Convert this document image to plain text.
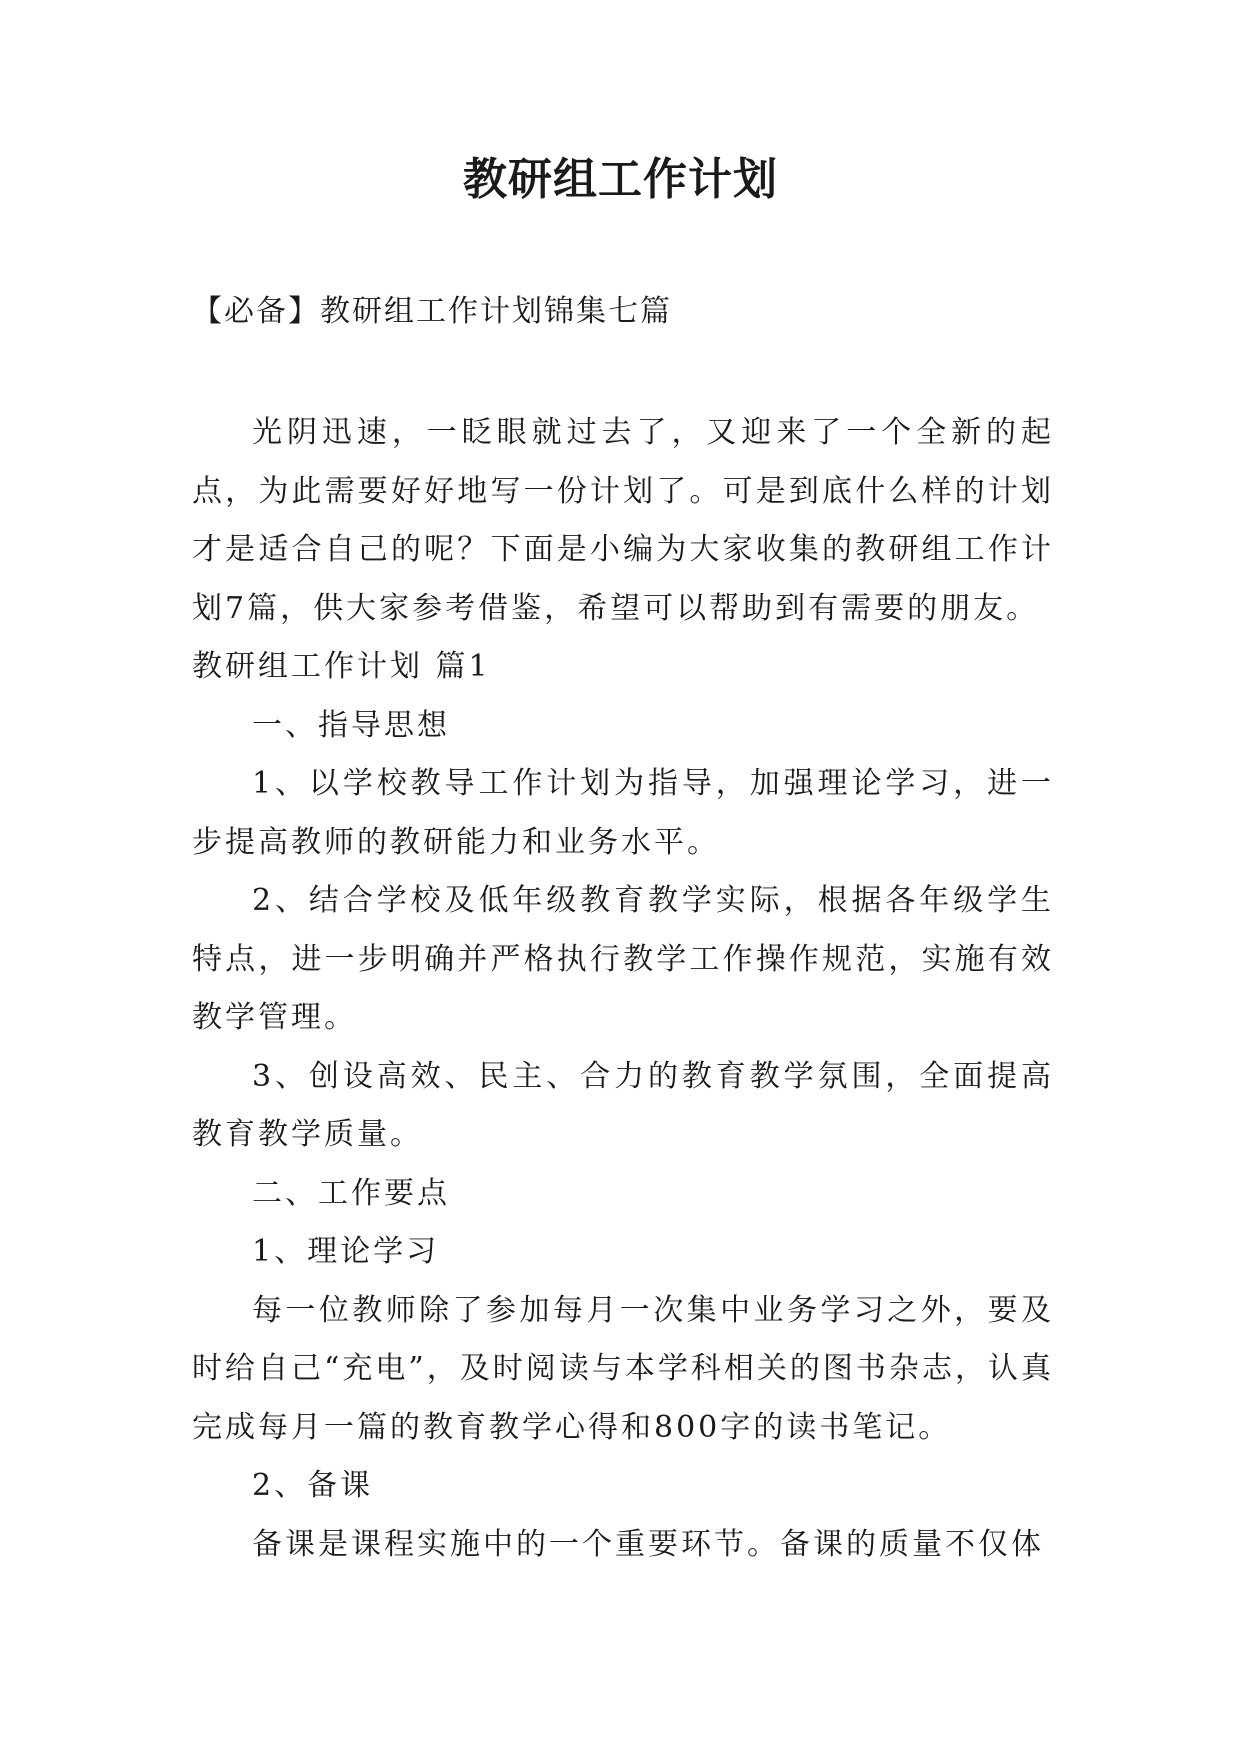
教研组工作计划
【必备】教研组工作计划锦集七篇

光阴迅速，一眨眼就过去了，又迎来了一个全新的起点，为此需要好好地写一份计划了。可是到底什么样的计划才是适合自己的呢？下面是小编为大家收集的教研组工作计划7篇，供大家参考借鉴，希望可以帮助到有需要的朋友。

教研组工作计划 篇1

一、指导思想

1、以学校教导工作计划为指导，加强理论学习，进一步提高教师的教研能力和业务水平。

2、结合学校及低年级教育教学实际，根据各年级学生特点，进一步明确并严格执行教学工作操作规范，实施有效教学管理。

3、创设高效、民主、合力的教育教学氛围，全面提高教育教学质量。

二、工作要点

1、理论学习

每一位教师除了参加每月一次集中业务学习之外，要及时给自己“充电”，及时阅读与本学科相关的图书杂志，认真完成每月一篇的教育教学心得和800字的读书笔记。

2、备课

备课是课程实施中的一个重要环节。备课的质量不仅体
